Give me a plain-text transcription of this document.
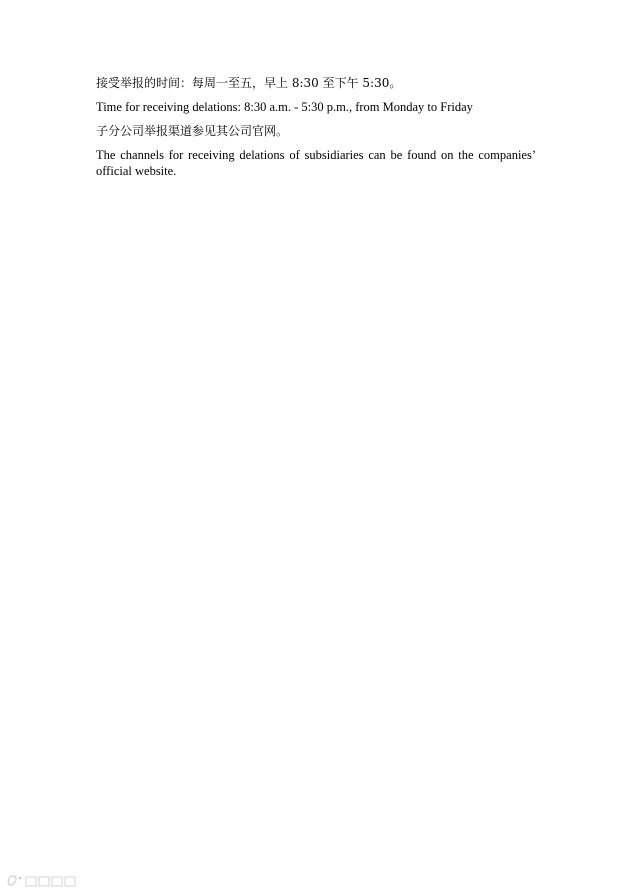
接受举报的时间：每周一至五，早上 8:30 至下午 5:30。

Time for receiving delations: 8:30 a.m. - 5:30 p.m., from Monday to Friday

子分公司举报渠道参见其公司官网。

The channels for receiving delations of subsidiaries can be found on the companies’ official website.
